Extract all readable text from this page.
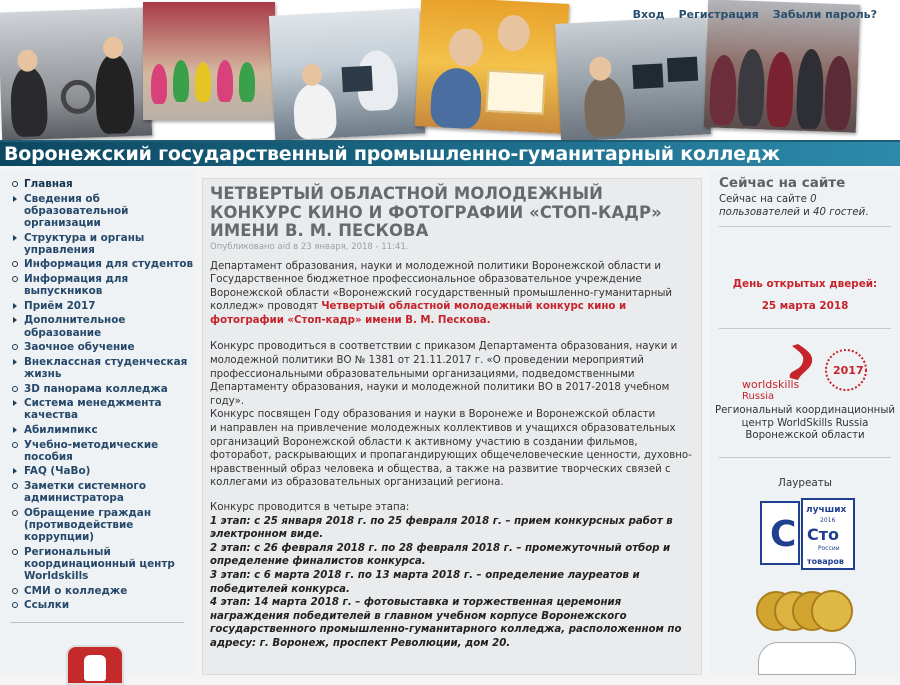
Вход Регистрация Забыли пароль?
Воронежский государственный промышленно-гуманитарный колледж
Главная
Сведения об образовательной организации
Структура и органы управления
Информация для студентов
Информация для выпускников
Приём 2017
Дополнительное образование
Заочное обучение
Внеклассная студенческая жизнь
3D панорама колледжа
Система менеджмента качества
Абилимпикс
Учебно-методические пособия
FAQ (ЧаВо)
Заметки системного администратора
Обращение граждан (противодействие коррупции)
Региональный координационный центр Worldskills
СМИ о колледже
Ссылки
ЧЕТВЕРТЫЙ ОБЛАСТНОЙ МОЛОДЕЖНЫЙ КОНКУРС КИНО И ФОТОГРАФИИ «СТОП-КАДР» ИМЕНИ В. М. ПЕСКОВА
Опубликовано aid в 23 января, 2018 - 11:41.

Департамент образования, науки и молодежной политики Воронежской области и Государственное бюджетное профессиональное образовательное учреждение Воронежской области «Воронежский государственный промышленно-гуманитарный колледж» проводят Четвертый областной молодежный конкурс кино и фотографии «Стоп-кадр» имени В. М. Пескова.

Конкурс проводиться в соответствии с приказом Департамента образования, науки и молодежной политики ВО № 1381 от 21.11.2017 г. «О проведении мероприятий профессиональными образовательными организациями, подведомственными Департаменту образования, науки и молодежной политики ВО в 2017-2018 учебном году».

Конкурс посвящен Году образования и науки в Воронеже и Воронежской области

и направлен на привлечение молодежных коллективов и учащихся образовательных организаций Воронежской области к активному участию в создании фильмов, фоторабот, раскрывающих и пропагандирующих общечеловеческие ценности, духовно-нравственный образ человека и общества, а также на развитие творческих связей с коллегами из образовательных организаций региона.

Конкурс проводится в четыре этапа:

1 этап: с 25 января 2018 г. по 25 февраля 2018 г. – прием конкурсных работ в электронном виде.

2 этап: с 26 февраля 2018 г. по 28 февраля 2018 г. – промежуточный отбор и определение финалистов конкурса.

3 этап: с 6 марта 2018 г. по 13 марта 2018 г. – определение лауреатов и победителей конкурса.

4 этап: 14 марта 2018 г. – фотовыставка и торжественная церемония награждения победителей в главном учебном корпусе Воронежского государственного промышленно-гуманитарного колледжа, расположенном по адресу: г. Воронеж, проспект Революции, дом 20.

Сейчас на сайте
Сейчас на сайте 0 пользователей и 40 гостей.
День открытых дверей:
25 марта 2018
2017
worldskills
Russia
Региональный координационный центр WorldSkills Russia Воронежской области
Лауреаты
С
лучших
2016
Сто
России
товаров
